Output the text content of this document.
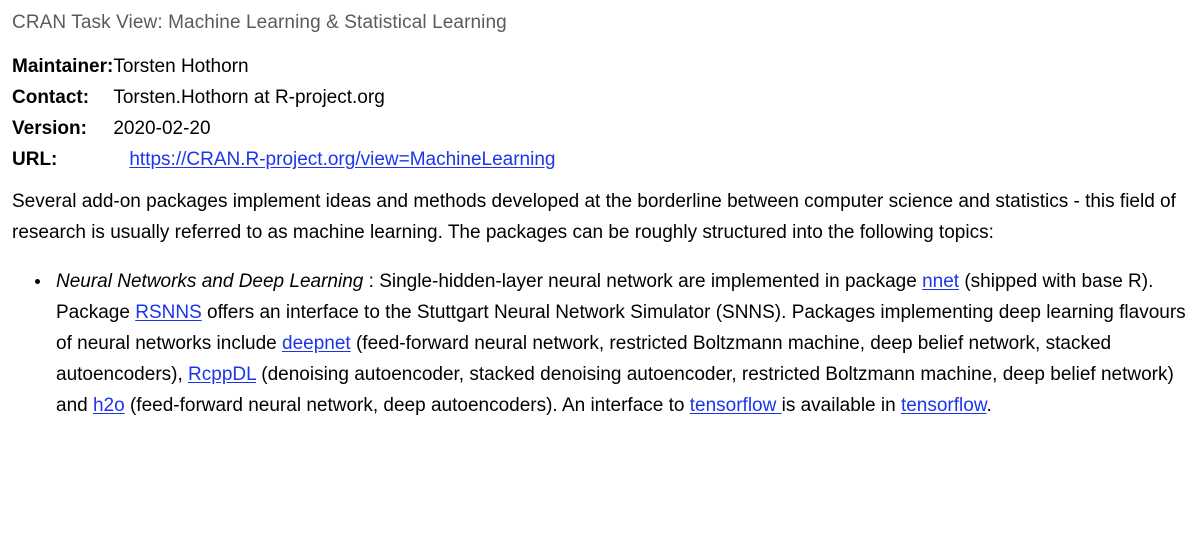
CRAN Task View: Machine Learning & Statistical Learning
Maintainer:	Torsten Hothorn
Contact:	Torsten.Hothorn at R-project.org
Version:	2020-02-20
URL:	https://CRAN.R-project.org/view=MachineLearning

Several add-on packages implement ideas and methods developed at the borderline between computer science and statistics - this field of research is usually referred to as machine learning. The packages can be roughly structured into the following topics:

• Neural Networks and Deep Learning : Single-hidden-layer neural network are implemented in package nnet (shipped with base R). Package RSNNS offers an interface to the Stuttgart Neural Network Simulator (SNNS). Packages implementing deep learning flavours of neural networks include deepnet (feed-forward neural network, restricted Boltzmann machine, deep belief network, stacked autoencoders), RcppDL (denoising autoencoder, stacked denoising autoencoder, restricted Boltzmann machine, deep belief network) and h2o (feed-forward neural network, deep autoencoders). An interface to tensorflow is available in tensorflow.
